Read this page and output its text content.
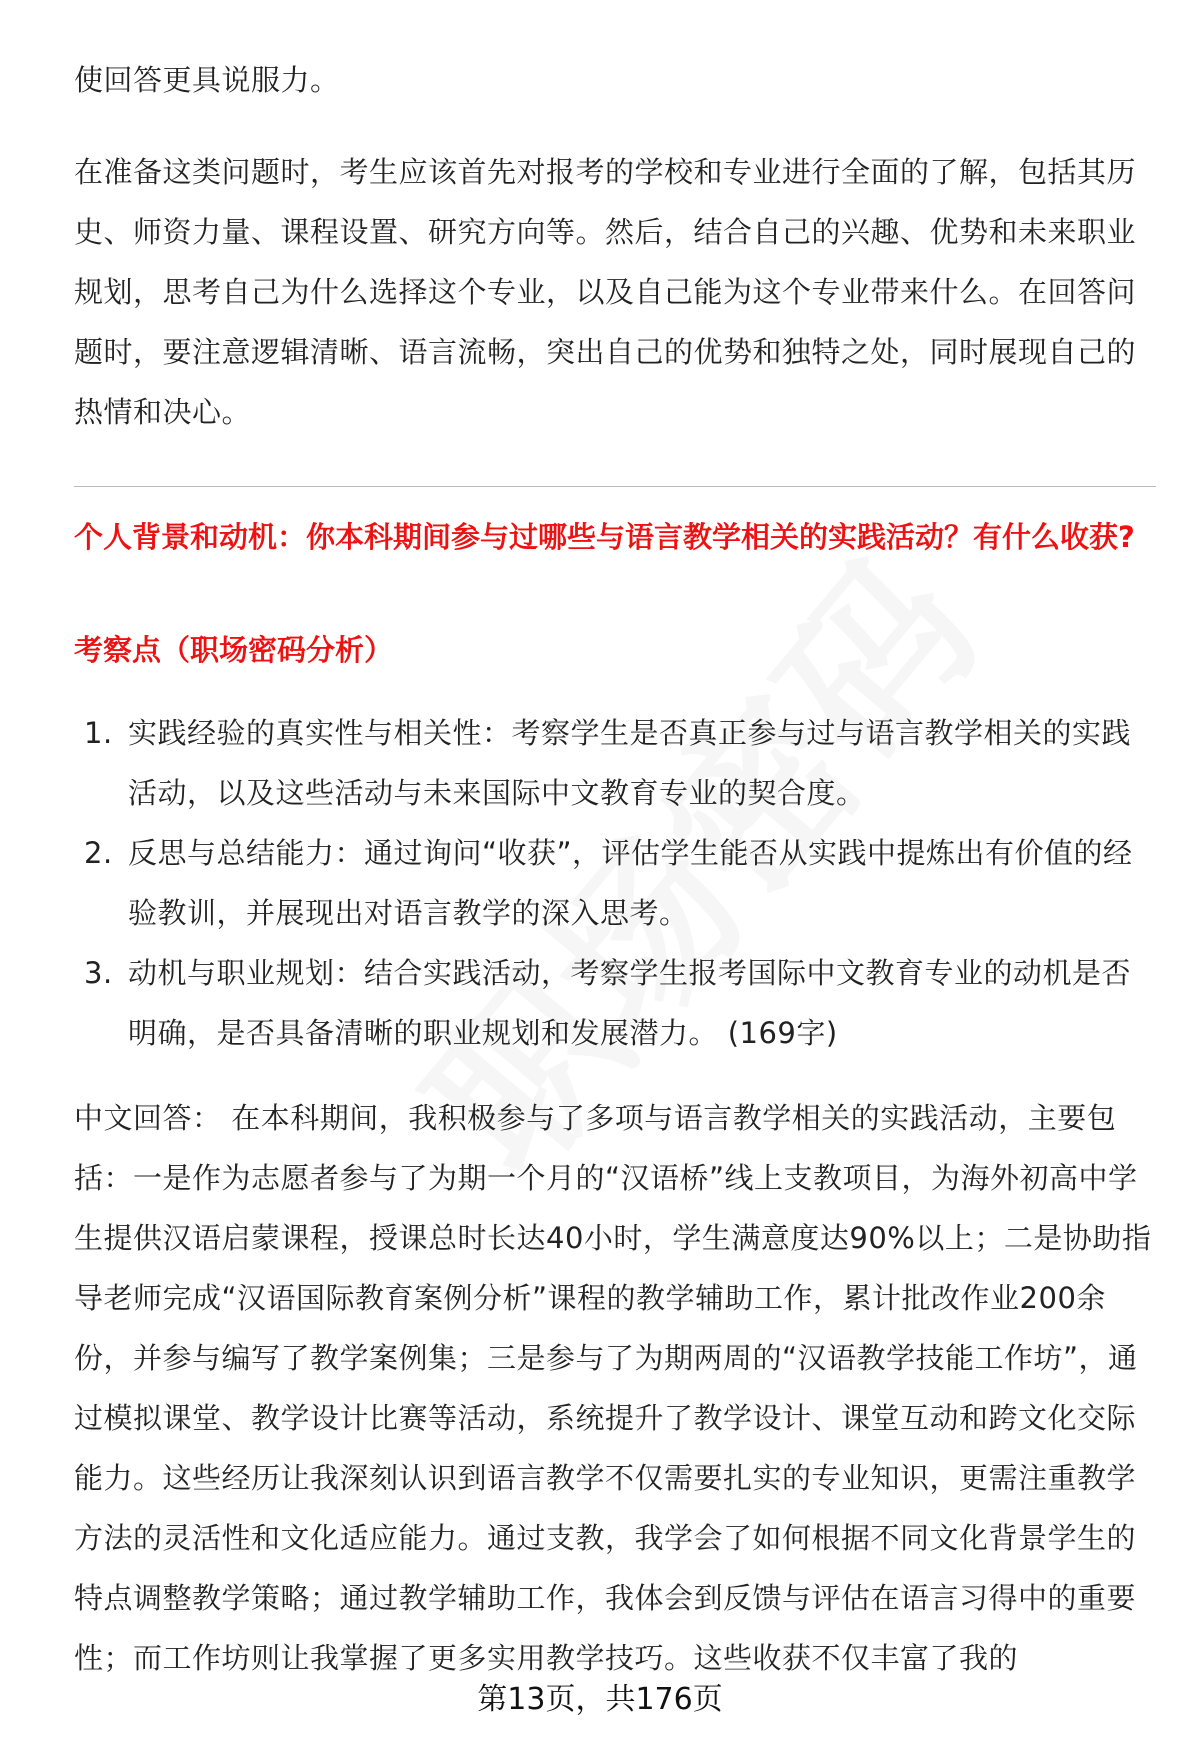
使回答更具说服力。

在准备这类问题时，考生应该首先对报考的学校和专业进行全面的了解，包括其历史、师资力量、课程设置、研究方向等。然后，结合自己的兴趣、优势和未来职业规划，思考自己为什么选择这个专业，以及自己能为这个专业带来什么。在回答问题时，要注意逻辑清晰、语言流畅，突出自己的优势和独特之处，同时展现自己的热情和决心。

个人背景和动机：你本科期间参与过哪些与语言教学相关的实践活动？有什么收获?
考察点（职场密码分析）
1. 实践经验的真实性与相关性：考察学生是否真正参与过与语言教学相关的实践活动，以及这些活动与未来国际中文教育专业的契合度。
2. 反思与总结能力：通过询问“收获”，评估学生能否从实践中提炼出有价值的经验教训，并展现出对语言教学的深入思考。
3. 动机与职业规划：结合实践活动，考察学生报考国际中文教育专业的动机是否明确，是否具备清晰的职业规划和发展潜力。 (169字)

中文回答： 在本科期间，我积极参与了多项与语言教学相关的实践活动，主要包括：一是作为志愿者参与了为期一个月的“汉语桥”线上支教项目，为海外初高中学生提供汉语启蒙课程，授课总时长达40小时，学生满意度达90%以上；二是协助指导老师完成“汉语国际教育案例分析”课程的教学辅助工作，累计批改作业200余份，并参与编写了教学案例集；三是参与了为期两周的“汉语教学技能工作坊”，通过模拟课堂、教学设计比赛等活动，系统提升了教学设计、课堂互动和跨文化交际能力。这些经历让我深刻认识到语言教学不仅需要扎实的专业知识，更需注重教学方法的灵活性和文化适应能力。通过支教，我学会了如何根据不同文化背景学生的特点调整教学策略；通过教学辅助工作，我体会到反馈与评估在语言习得中的重要性；而工作坊则让我掌握了更多实用教学技巧。这些收获不仅丰富了我的

第13页，共176页
